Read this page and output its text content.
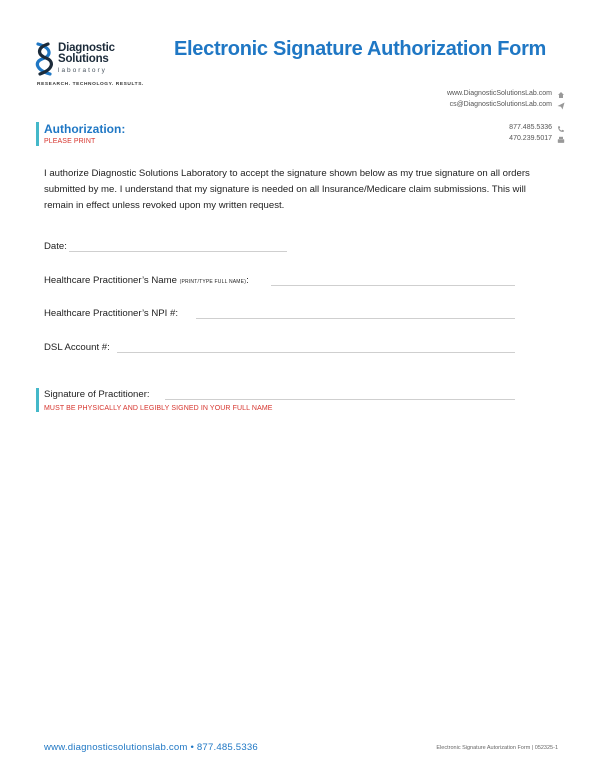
Diagnostic
Solutions
laboratory
RESEARCH. TECHNOLOGY. RESULTS.
Electronic Signature Authorization Form
www.DiagnosticSolutionsLab.com
cs@DiagnosticSolutionsLab.com
877.485.5336
470.239.5017
Authorization:
PLEASE PRINT
I authorize Diagnostic Solutions Laboratory to accept the signature shown below as my true signature on all orders submitted by me. I understand that my signature is needed on all Insurance/Medicare claim submissions. This will remain in effect unless revoked upon my written request.
Date:
Healthcare Practitioner’s Name (PRINT/TYPE FULL NAME):
Healthcare Practitioner’s NPI #:
DSL Account #:
Signature of Practitioner:
MUST BE PHYSICALLY AND LEGIBLY SIGNED IN YOUR FULL NAME
www.diagnosticsolutionslab.com • 877.485.5336	Electronic Signature Autorization Form | 052325-1
